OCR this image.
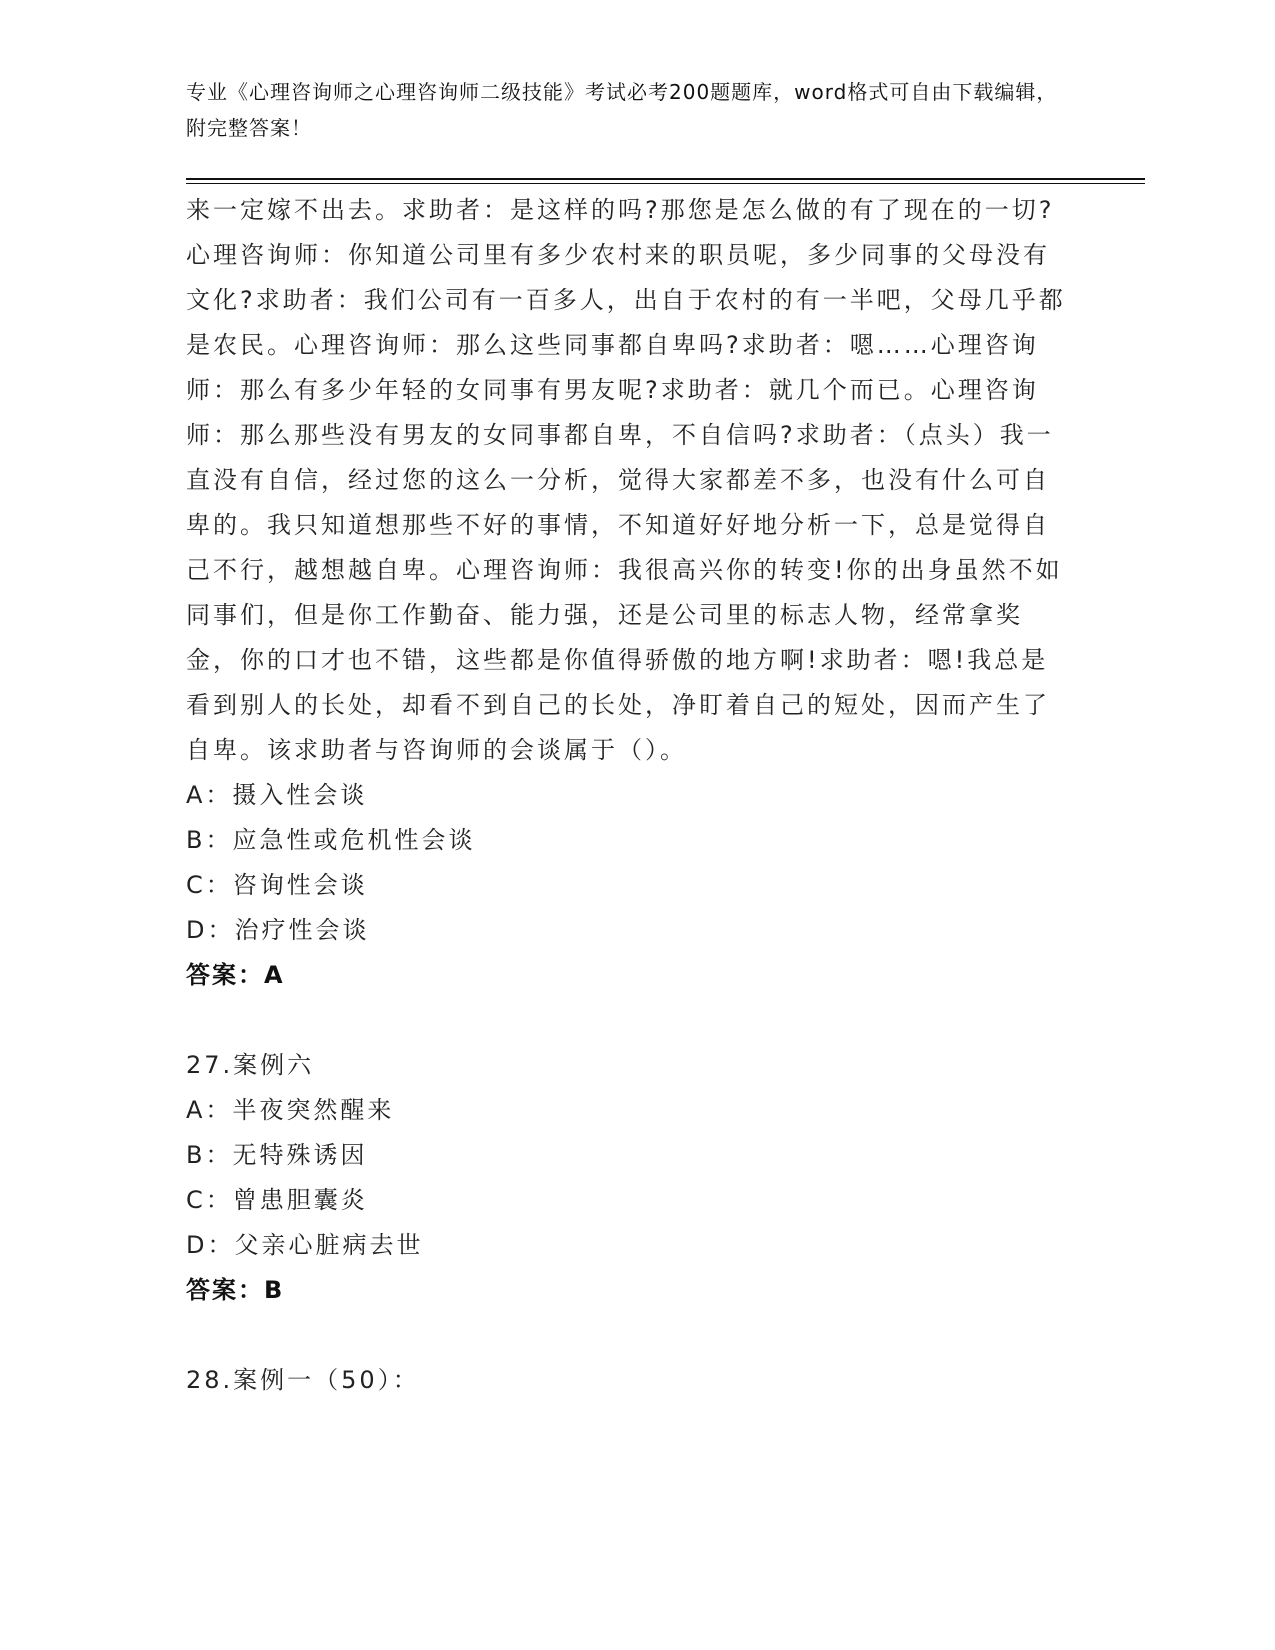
专业《心理咨询师之心理咨询师二级技能》考试必考200题题库，word格式可自由下载编辑，附完整答案！

来一定嫁不出去。求助者：是这样的吗?那您是怎么做的有了现在的一切?心理咨询师：你知道公司里有多少农村来的职员呢，多少同事的父母没有文化?求助者：我们公司有一百多人，出自于农村的有一半吧，父母几乎都是农民。心理咨询师：那么这些同事都自卑吗?求助者：嗯……心理咨询师：那么有多少年轻的女同事有男友呢?求助者：就几个而已。心理咨询师：那么那些没有男友的女同事都自卑，不自信吗?求助者：（点头）我一直没有自信，经过您的这么一分析，觉得大家都差不多，也没有什么可自卑的。我只知道想那些不好的事情，不知道好好地分析一下，总是觉得自己不行，越想越自卑。心理咨询师：我很高兴你的转变!你的出身虽然不如同事们，但是你工作勤奋、能力强，还是公司里的标志人物，经常拿奖金，你的口才也不错，这些都是你值得骄傲的地方啊!求助者：嗯!我总是看到别人的长处，却看不到自己的长处，净盯着自己的短处，因而产生了自卑。该求助者与咨询师的会谈属于（）。

A：摄入性会谈

B：应急性或危机性会谈

C：咨询性会谈

D：治疗性会谈

答案：A

27.案例六

A：半夜突然醒来

B：无特殊诱因

C：曾患胆囊炎

D：父亲心脏病去世

答案：B

28.案例一（50）：
